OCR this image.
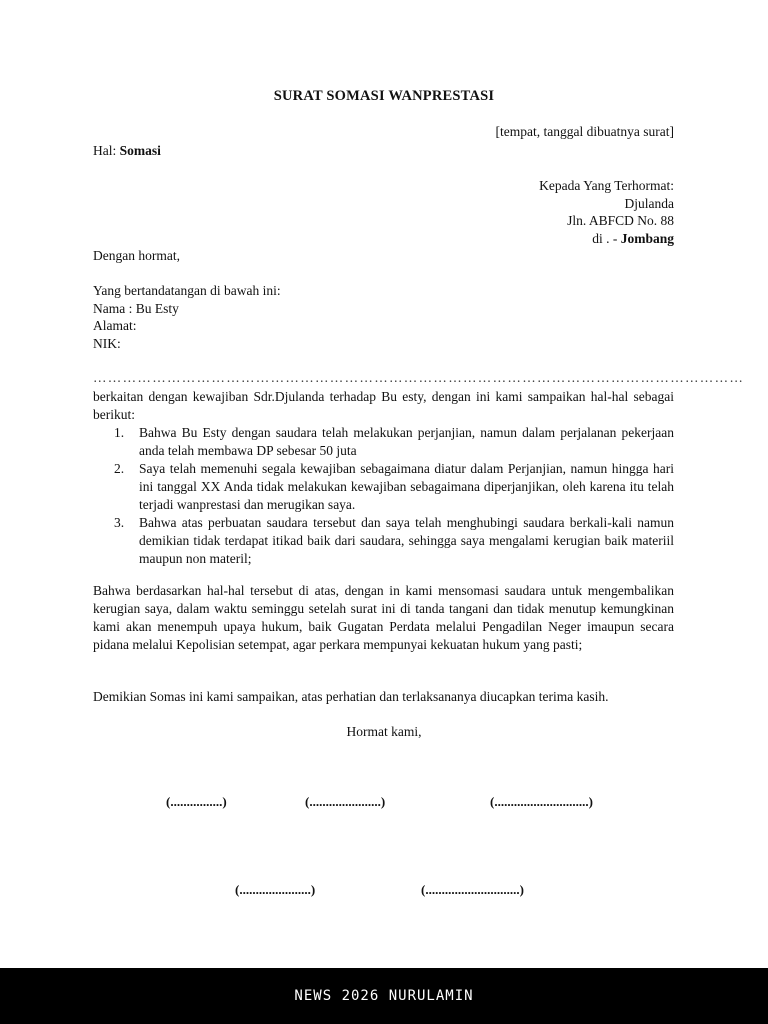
SURAT SOMASI WANPRESTASI
[tempat, tanggal dibuatnya surat]
Hal: Somasi
Kepada Yang Terhormat:
Djulanda
Jln. ABFCD No. 88
di . - Jombang
Dengan hormat,
Yang bertandatangan di bawah ini:
Nama : Bu Esty
Alamat:
NIK:
……………………………………………………………………………………………………………………
berkaitan dengan kewajiban Sdr.Djulanda terhadap Bu esty, dengan ini kami sampaikan hal-hal sebagai berikut:
1. Bahwa Bu Esty dengan saudara telah melakukan perjanjian, namun dalam perjalanan pekerjaan anda telah membawa DP sebesar 50 juta
2. Saya telah memenuhi segala kewajiban sebagaimana diatur dalam Perjanjian, namun hingga hari ini tanggal XX Anda tidak melakukan kewajiban sebagaimana diperjanjikan, oleh karena itu telah terjadi wanprestasi dan merugikan saya.
3. Bahwa atas perbuatan saudara tersebut dan saya telah menghubingi saudara berkali-kali namun demikian tidak terdapat itikad baik dari saudara, sehingga saya mengalami kerugian baik materiil maupun non materil;
Bahwa berdasarkan hal-hal tersebut di atas, dengan in kami mensomasi saudara untuk mengembalikan kerugian saya, dalam waktu seminggu setelah surat ini di tanda tangani dan tidak menutup kemungkinan kami akan menempuh upaya hukum, baik Gugatan Perdata melalui Pengadilan Neger imaupun secara pidana melalui Kepolisian setempat, agar perkara mempunyai kekuatan hukum yang pasti;
Demikian Somas ini kami sampaikan, atas perhatian dan terlaksananya diucapkan terima kasih.
Hormat kami,
(................)	(......................)	(.............................)
(......................)	(.............................)
NEWS 2026 NURULAMIN
